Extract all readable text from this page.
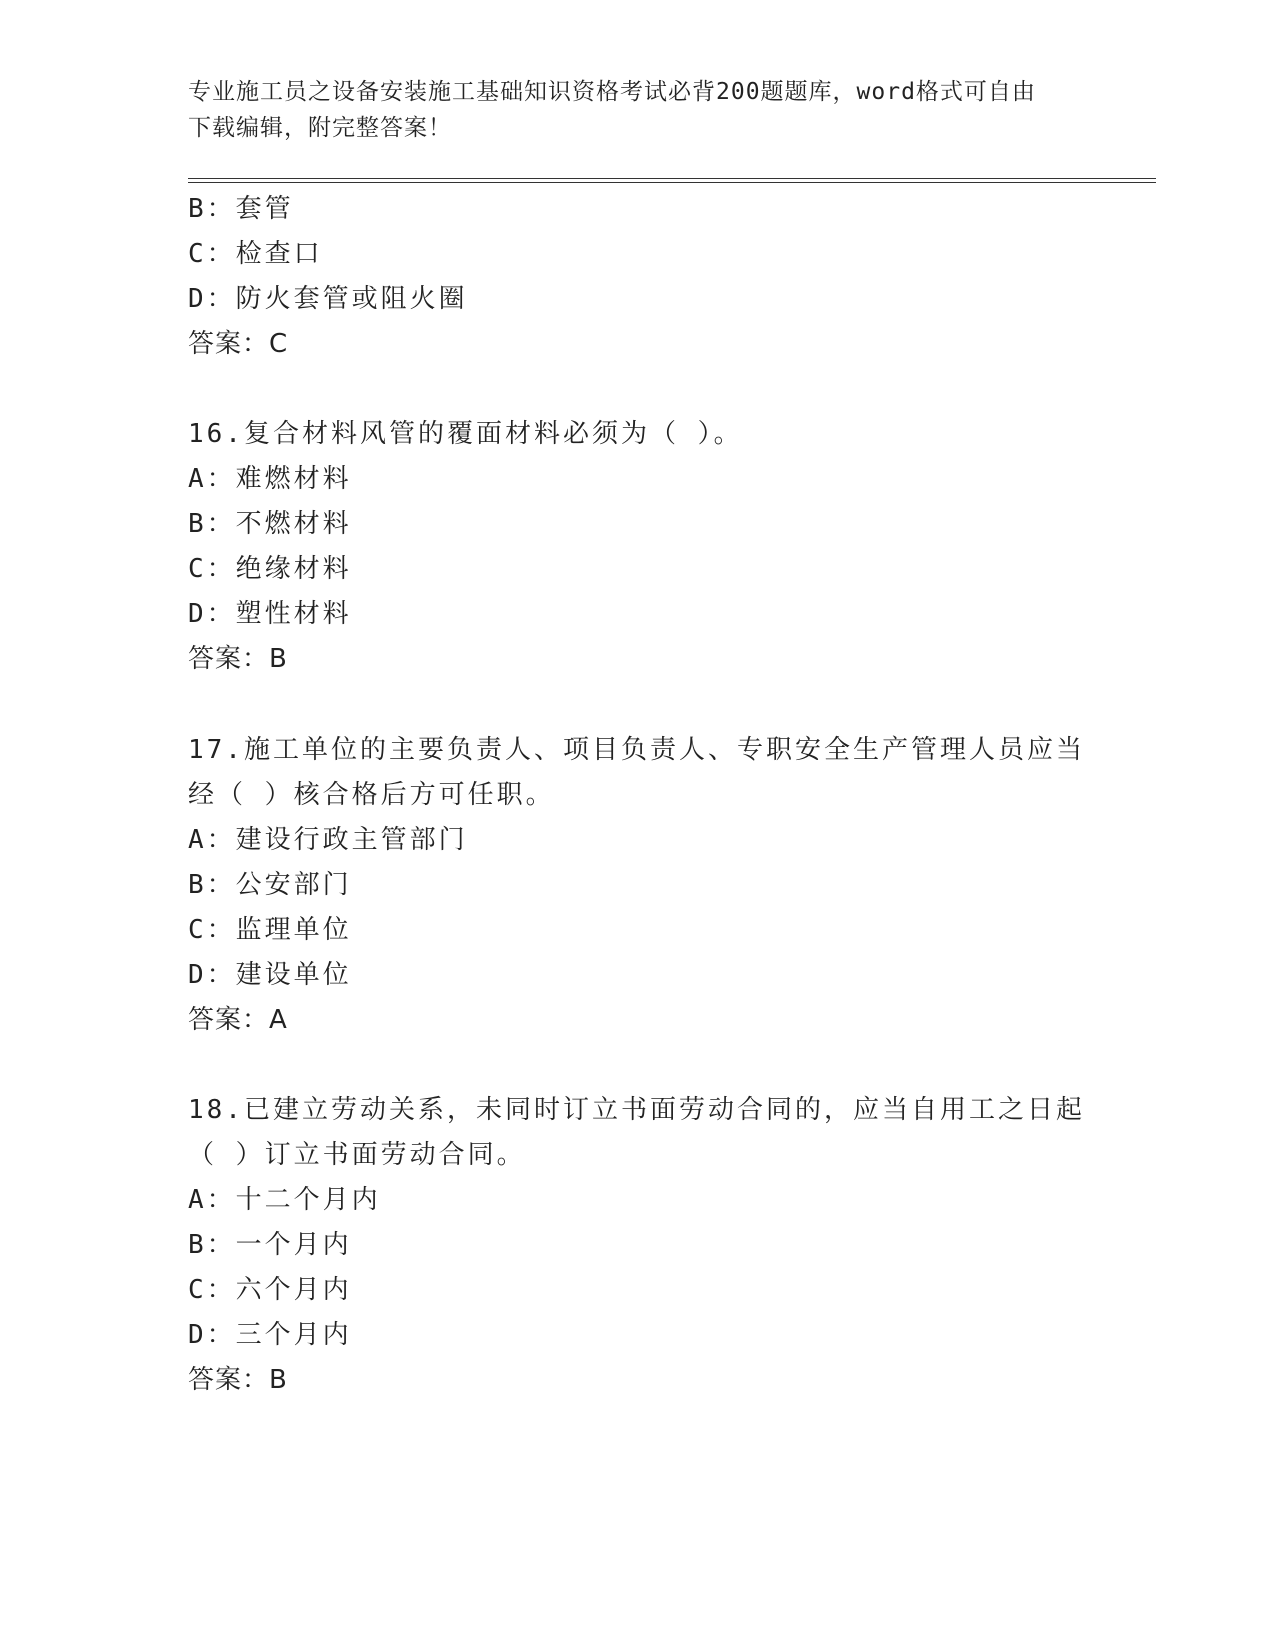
专业施工员之设备安装施工基础知识资格考试必背200题题库，word格式可自由
下载编辑，附完整答案！
B：套管
C：检查口
D：防火套管或阻火圈
答案：C
16.复合材料风管的覆面材料必须为（ ）。
A：难燃材料
B：不燃材料
C：绝缘材料
D：塑性材料
答案：B
17.施工单位的主要负责人、项目负责人、专职安全生产管理人员应当
经（ ）核合格后方可任职。
A：建设行政主管部门
B：公安部门
C：监理单位
D：建设单位
答案：A
18.已建立劳动关系，未同时订立书面劳动合同的，应当自用工之日起
（ ）订立书面劳动合同。
A：十二个月内
B：一个月内
C：六个月内
D：三个月内
答案：B
